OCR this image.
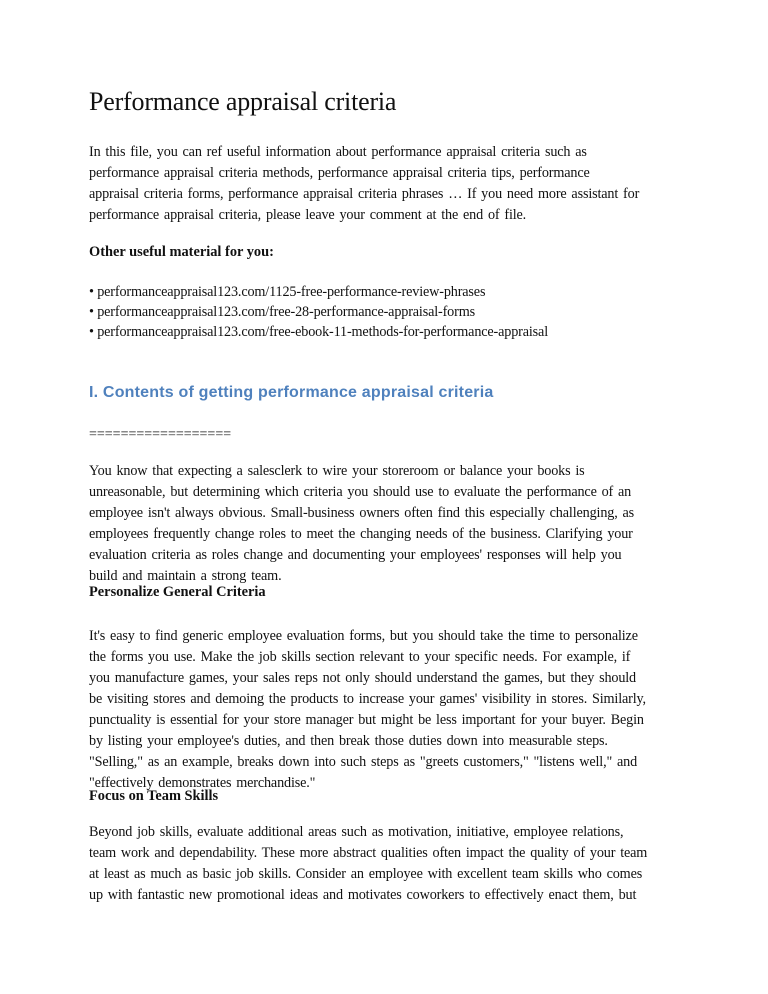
Performance appraisal criteria
In this file, you can ref useful information about performance appraisal criteria such as
performance appraisal criteria methods, performance appraisal criteria tips, performance
appraisal criteria forms, performance appraisal criteria phrases … If you need more assistant for
performance appraisal criteria, please leave your comment at the end of file.
Other useful material for you:
• performanceappraisal123.com/1125-free-performance-review-phrases
• performanceappraisal123.com/free-28-performance-appraisal-forms
• performanceappraisal123.com/free-ebook-11-methods-for-performance-appraisal
I. Contents of getting performance appraisal criteria
==================
You know that expecting a salesclerk to wire your storeroom or balance your books is
unreasonable, but determining which criteria you should use to evaluate the performance of an
employee isn't always obvious. Small-business owners often find this especially challenging, as
employees frequently change roles to meet the changing needs of the business. Clarifying your
evaluation criteria as roles change and documenting your employees' responses will help you
build and maintain a strong team.
Personalize General Criteria
It's easy to find generic employee evaluation forms, but you should take the time to personalize
the forms you use. Make the job skills section relevant to your specific needs. For example, if
you manufacture games, your sales reps not only should understand the games, but they should
be visiting stores and demoing the products to increase your games' visibility in stores. Similarly,
punctuality is essential for your store manager but might be less important for your buyer. Begin
by listing your employee's duties, and then break those duties down into measurable steps.
"Selling," as an example, breaks down into such steps as "greets customers," "listens well," and
"effectively demonstrates merchandise."
Focus on Team Skills
Beyond job skills, evaluate additional areas such as motivation, initiative, employee relations,
team work and dependability. These more abstract qualities often impact the quality of your team
at least as much as basic job skills. Consider an employee with excellent team skills who comes
up with fantastic new promotional ideas and motivates coworkers to effectively enact them, but
